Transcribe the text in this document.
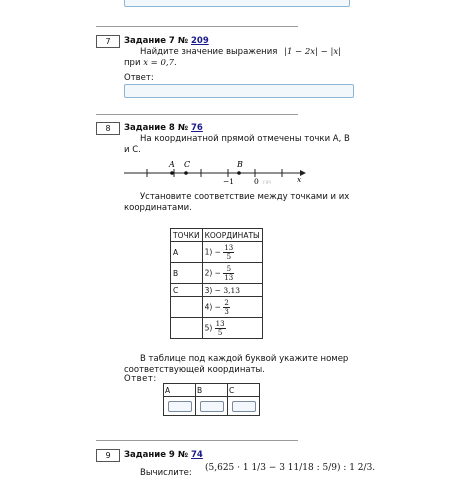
7	Задание 7 № 209
Найдите значение выражения |1 − 2x| − |x|
при x = 0,7.
Ответ:
8	Задание 8 № 76
На координатной прямой отмечены точки A, B и C.
A C	B
−1	0 FIPI	x
Установите соответствие между точками и их координатами.
ТОЧКИ	КООРДИНАТЫ
A	$1) - \frac{13}{5}$

B	$2) - \frac{5}{13}$

C	3) − 3,13
	$4) - \frac{2}{3}$

	$5) \frac{13}{5}$
В таблице под каждой буквой укажите номер соответствующей координаты.
Ответ:
A	B	C

9	Задание 9 № 74
Вычислите:	(5,625 · 1 1/3 − 3 11/18 : 5/9) : 1 2/3.
